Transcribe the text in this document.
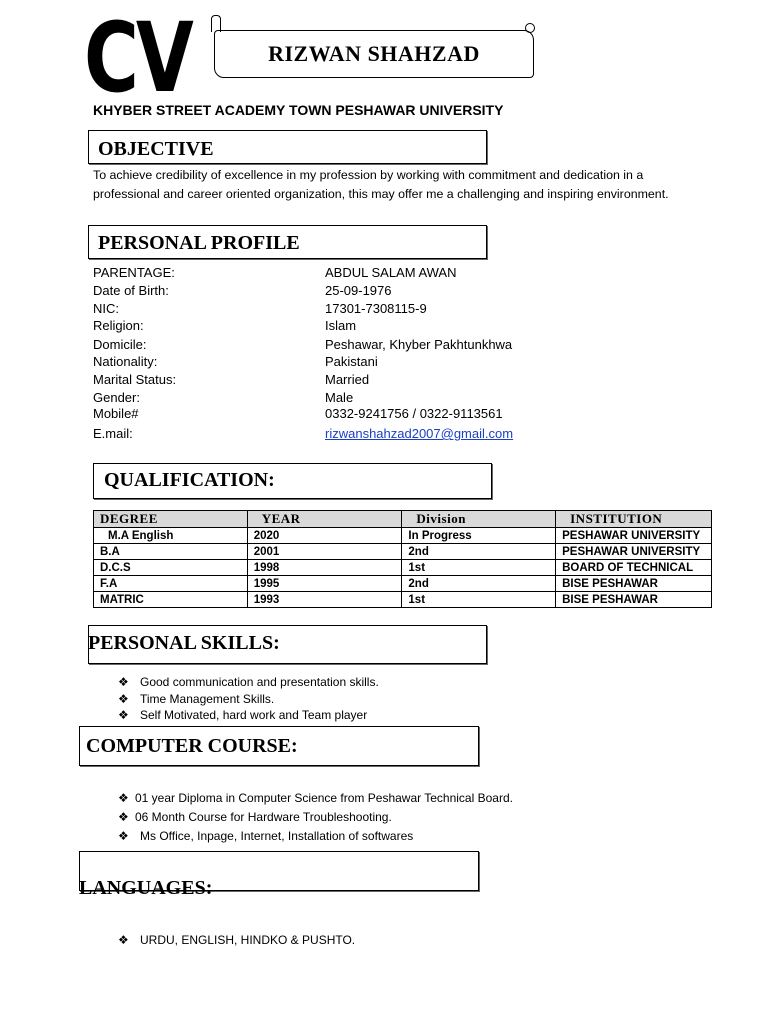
CV	RIZWAN SHAHZAD
KHYBER STREET ACADEMY TOWN PESHAWAR UNIVERSITY
OBJECTIVE
To achieve credibility of excellence in my profession by working with commitment and dedication in a professional and career oriented organization, this may offer me a challenging and inspiring environment.
PERSONAL PROFILE
PARENTAGE:	ABDUL SALAM AWAN
Date of Birth:	25-09-1976
NIC:	17301-7308115-9
Religion:	Islam
Domicile:	Peshawar, Khyber Pakhtunkhwa
Nationality:	Pakistani
Marital Status:	Married
Gender:	Male
Mobile#	0332-9241756 / 0322-9113561
E.mail:	rizwanshahzad2007@gmail.com
QUALIFICATION:
DEGREE	YEAR	Division	INSTITUTION
M.A English	2020	In Progress	PESHAWAR UNIVERSITY
B.A	2001	2nd	PESHAWAR UNIVERSITY
D.C.S	1998	1st	BOARD OF TECHNICAL
F.A	1995	2nd	BISE PESHAWAR
MATRIC	1993	1st	BISE PESHAWAR
PERSONAL SKILLS:
❖ Good communication and presentation skills.
❖ Time Management Skills.
❖ Self Motivated, hard work and Team player
COMPUTER COURSE:
❖ 01 year Diploma in Computer Science from Peshawar Technical Board.
❖ 06 Month Course for Hardware Troubleshooting.
❖ Ms Office, Inpage, Internet, Installation of softwares
LANGUAGES:
❖ URDU, ENGLISH, HINDKO & PUSHTO.
